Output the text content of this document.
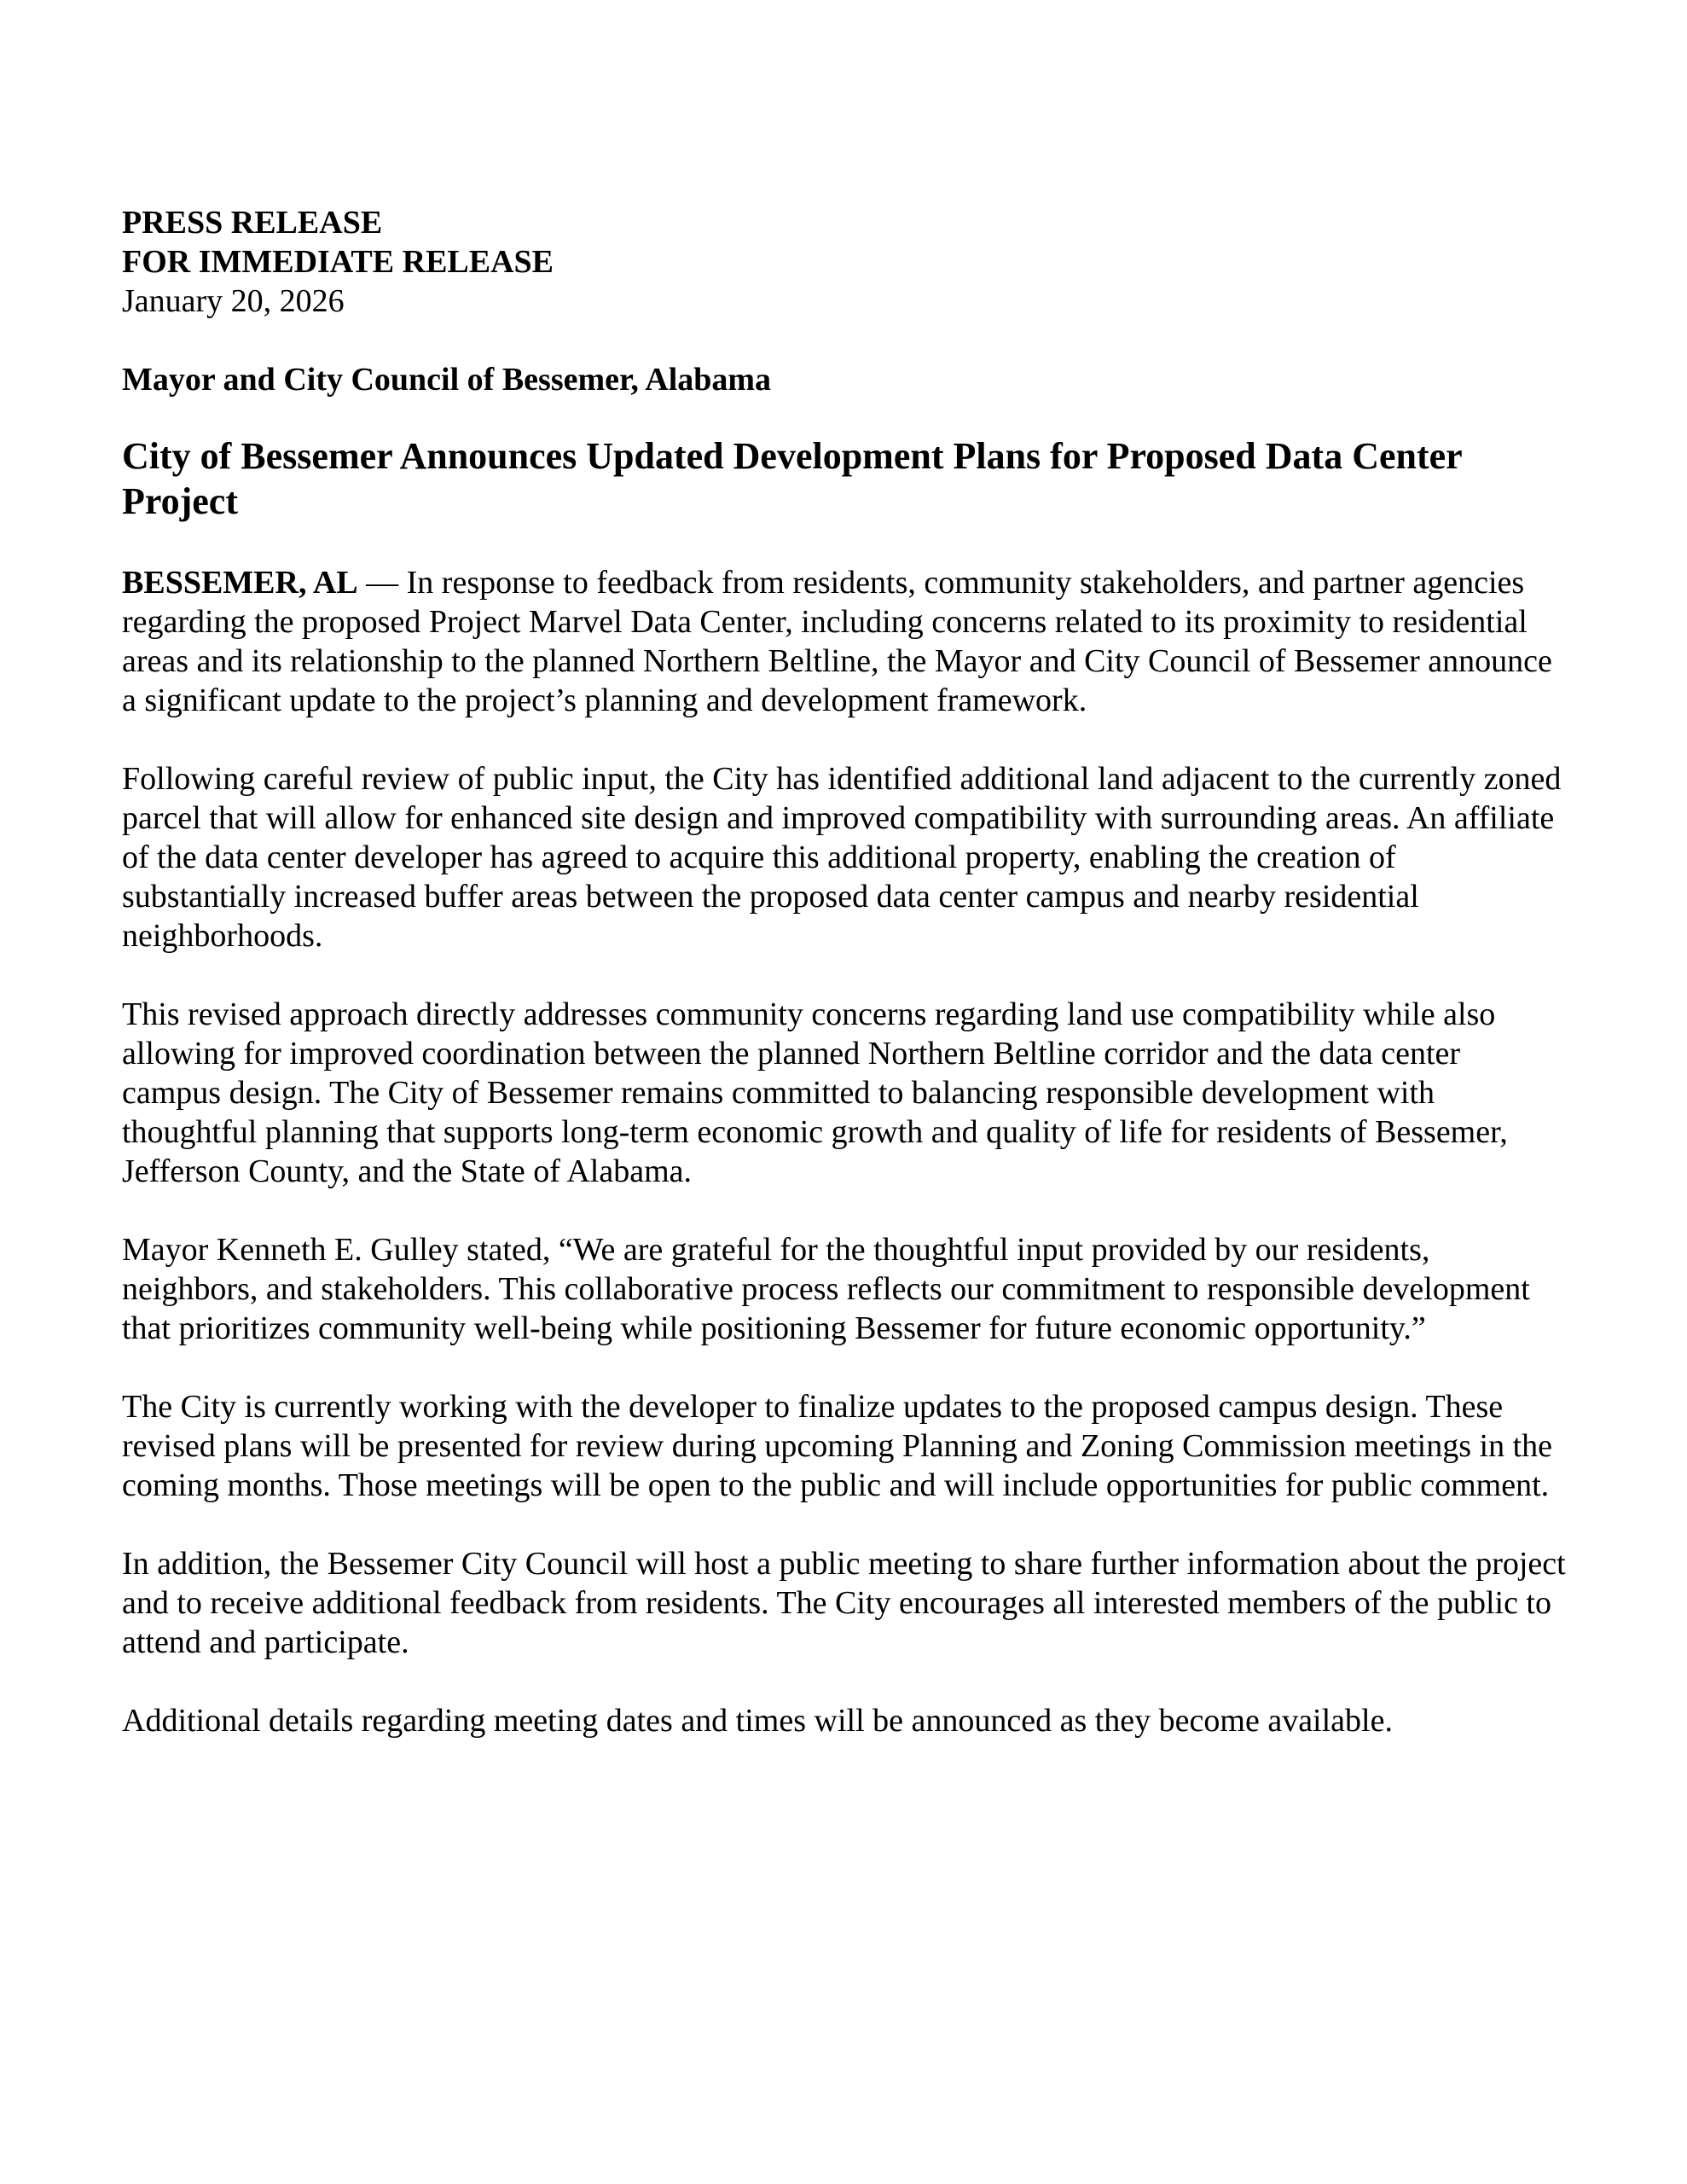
PRESS RELEASE

FOR IMMEDIATE RELEASE

January 20, 2026

Mayor and City Council of Bessemer, Alabama

City of Bessemer Announces Updated Development Plans for Proposed Data Center Project

BESSEMER, AL — In response to feedback from residents, community stakeholders, and partner agencies regarding the proposed Project Marvel Data Center, including concerns related to its proximity to residential areas and its relationship to the planned Northern Beltline, the Mayor and City Council of Bessemer announce a significant update to the project’s planning and development framework.

Following careful review of public input, the City has identified additional land adjacent to the currently zoned parcel that will allow for enhanced site design and improved compatibility with surrounding areas. An affiliate of the data center developer has agreed to acquire this additional property, enabling the creation of substantially increased buffer areas between the proposed data center campus and nearby residential neighborhoods.

This revised approach directly addresses community concerns regarding land use compatibility while also allowing for improved coordination between the planned Northern Beltline corridor and the data center campus design. The City of Bessemer remains committed to balancing responsible development with thoughtful planning that supports long-term economic growth and quality of life for residents of Bessemer, Jefferson County, and the State of Alabama.

Mayor Kenneth E. Gulley stated, “We are grateful for the thoughtful input provided by our residents, neighbors, and stakeholders. This collaborative process reflects our commitment to responsible development that prioritizes community well-being while positioning Bessemer for future economic opportunity.”

The City is currently working with the developer to finalize updates to the proposed campus design. These revised plans will be presented for review during upcoming Planning and Zoning Commission meetings in the coming months. Those meetings will be open to the public and will include opportunities for public comment.

In addition, the Bessemer City Council will host a public meeting to share further information about the project and to receive additional feedback from residents. The City encourages all interested members of the public to attend and participate.

Additional details regarding meeting dates and times will be announced as they become available.
